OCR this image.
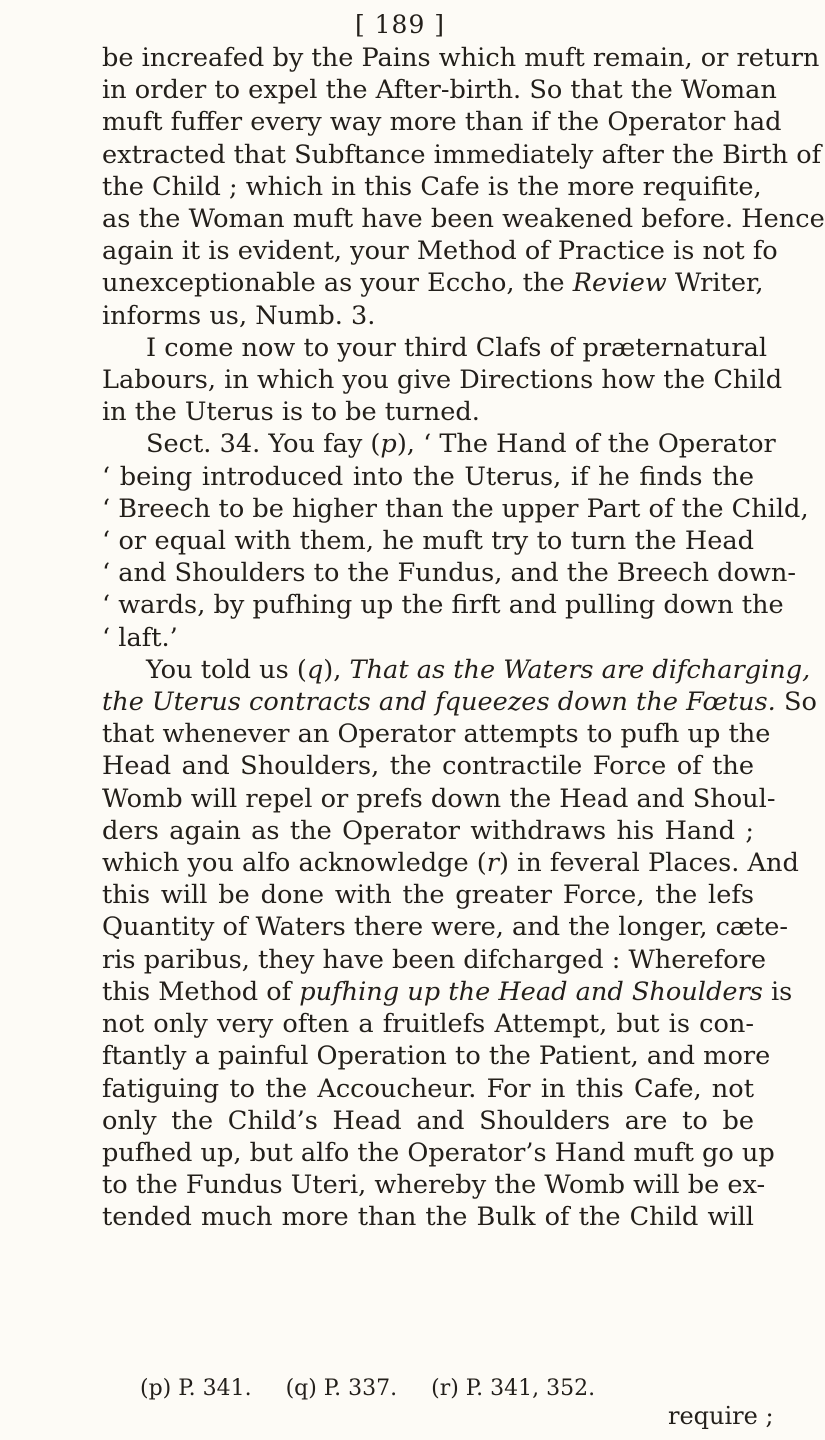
[ 189 ]
be increafed by the Pains which muft remain, or return
in order to expel the After-birth. So that the Woman
muft fuffer every way more than if the Operator had
extracted that Subftance immediately after the Birth of
the Child ; which in this Cafe is the more requifite,
as the Woman muft have been weakened before. Hence
again it is evident, your Method of Practice is not fo
unexceptionable as your Eccho, the Review Writer,
informs us, Numb. 3.
I come now to your third Clafs of præternatural
Labours, in which you give Directions how the Child
in the Uterus is to be turned.
Sect. 34. You fay (p), ‘ The Hand of the Operator
‘ being introduced into the Uterus, if he finds the
‘ Breech to be higher than the upper Part of the Child,
‘ or equal with them, he muft try to turn the Head
‘ and Shoulders to the Fundus, and the Breech down-
‘ wards, by pufhing up the firft and pulling down the
‘ laft.’
You told us (q), That as the Waters are difcharging,
the Uterus contracts and fqueezes down the Fœtus. So
that whenever an Operator attempts to pufh up the
Head and Shoulders, the contractile Force of the
Womb will repel or prefs down the Head and Shoul-
ders again as the Operator withdraws his Hand ;
which you alfo acknowledge (r) in feveral Places. And
this will be done with the greater Force, the lefs
Quantity of Waters there were, and the longer, cæte-
ris paribus, they have been difcharged : Wherefore
this Method of pufhing up the Head and Shoulders is
not only very often a fruitlefs Attempt, but is con-
ftantly a painful Operation to the Patient, and more
fatiguing to the Accoucheur. For in this Cafe, not
only the Child’s Head and Shoulders are to be
pufhed up, but alfo the Operator’s Hand muft go up
to the Fundus Uteri, whereby the Womb will be ex-
tended much more than the Bulk of the Child will
(p) P. 341. (q) P. 337. (r) P. 341, 352.
require ;
